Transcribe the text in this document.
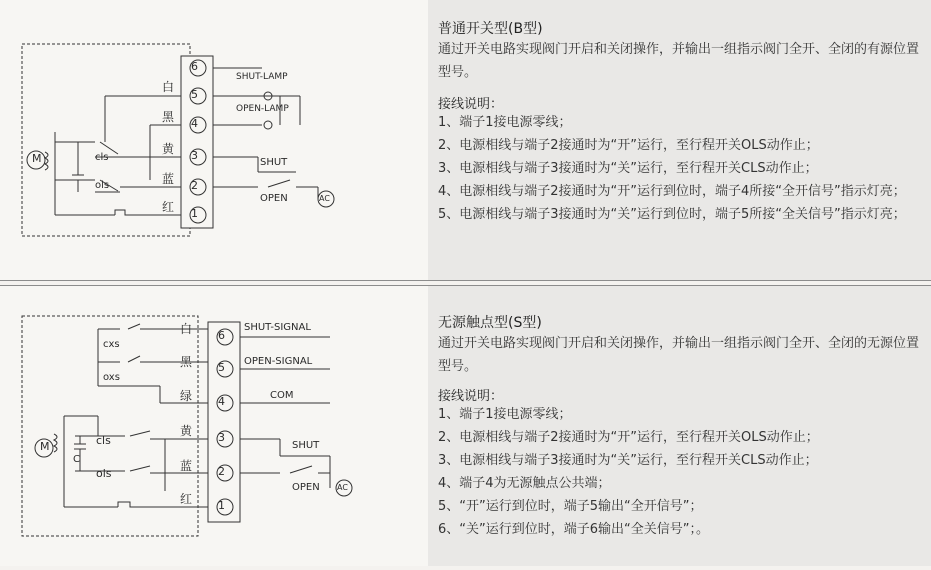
6
5
4
3
2
1
白
黑
黄
蓝
红
M	cls
ols
SHUT-LAMP
OPEN-LAMP
SHUT
OPEN	AC
普通开关型(B型)
通过开关电路实现阀门开启和关闭操作，并输出一组指示阀门全开、全闭的有源位置型号。
接线说明：
1、端子1接电源零线；
2、电源相线与端子2接通时为“开”运行，至行程开关OLS动作止；
3、电源相线与端子3接通时为“关”运行，至行程开关CLS动作止；
4、电源相线与端子2接通时为“开”运行到位时，端子4所接“全开信号”指示灯亮；
5、电源相线与端子3接通时为“关”运行到位时，端子5所接“全关信号”指示灯亮；
6
5
4
3
2
1
白
黑
绿
黄
蓝
红
M
C
cxs
oxs
cls
ols
SHUT-SIGNAL
OPEN-SIGNAL
COM
SHUT
OPEN AC
无源触点型(S型)
通过开关电路实现阀门开启和关闭操作，并输出一组指示阀门全开、全闭的无源位置型号。
接线说明：
1、端子1接电源零线；
2、电源相线与端子2接通时为“开”运行，至行程开关OLS动作止；
3、电源相线与端子3接通时为“关”运行，至行程开关CLS动作止；
4、端子4为无源触点公共端；
5、“开”运行到位时，端子5输出“全开信号”；
6、“关”运行到位时，端子6输出“全关信号”；。
